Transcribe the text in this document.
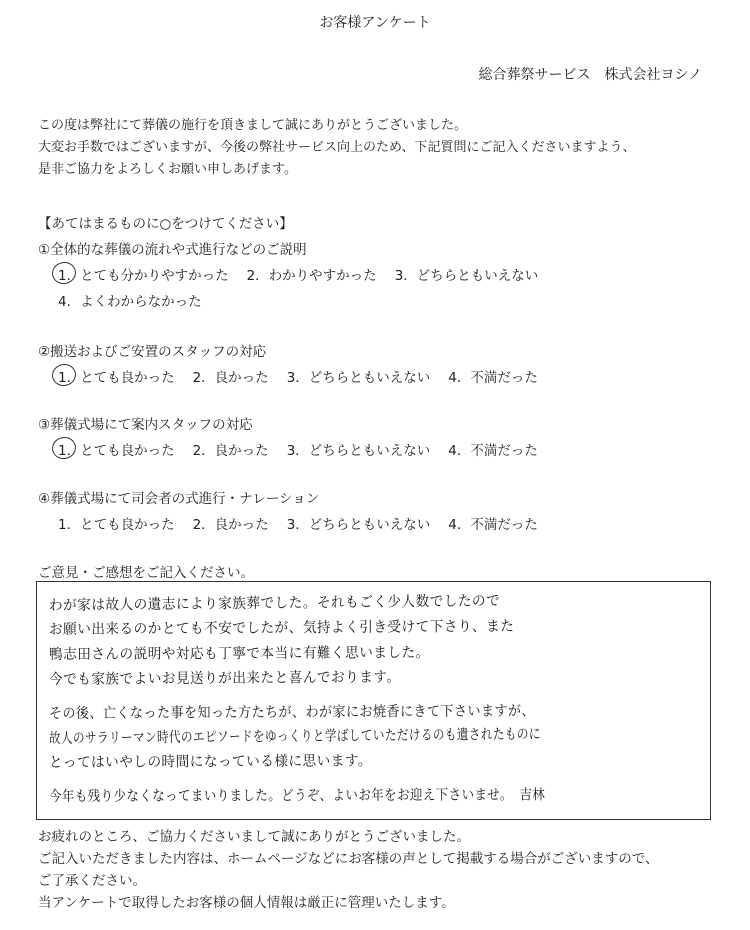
お客様アンケート
総合葬祭サービス　株式会社ヨシノ
この度は弊社にて葬儀の施行を頂きまして誠にありがとうございました。
大変お手数ではございますが、今後の弊社サービス向上のため、下記質問にご記入くださいますよう、
是非ご協力をよろしくお願い申しあげます。
【あてはまるものに○をつけてください】
①全体的な葬儀の流れや式進行などのご説明
1．とても分かりやすかった 2．わかりやすかった 3．どちらともいえない
4．よくわからなかった
②搬送およびご安置のスタッフの対応
1．とても良かった 2．良かった 3．どちらともいえない 4．不満だった
③葬儀式場にて案内スタッフの対応
1．とても良かった 2．良かった 3．どちらともいえない 4．不満だった
④葬儀式場にて司会者の式進行・ナレーション
1．とても良かった 2．良かった 3．どちらともいえない 4．不満だった
ご意見・ご感想をご記入ください。
わが家は故人の遺志により家族葬でした。それもごく少人数でしたので
お願い出来るのかとても不安でしたが、気持よく引き受けて下さり、また
鴨志田さんの説明や対応も丁寧で本当に有難く思いました。
今でも家族でよいお見送りが出来たと喜んでおります。
その後、亡くなった事を知った方たちが、わが家にお焼香にきて下さいますが、
故人のサラリーマン時代のエピソードをゆっくりと学ばしていただけるのも遺されたものに
とってはいやしの時間になっている様に思います。
今年も残り少なくなってまいりました。どうぞ、よいお年をお迎え下さいませ。　吉林
お疲れのところ、ご協力くださいまして誠にありがとうございました。
ご記入いただきました内容は、ホームページなどにお客様の声として掲載する場合がございますので、
ご了承ください。
当アンケートで取得したお客様の個人情報は厳正に管理いたします。
